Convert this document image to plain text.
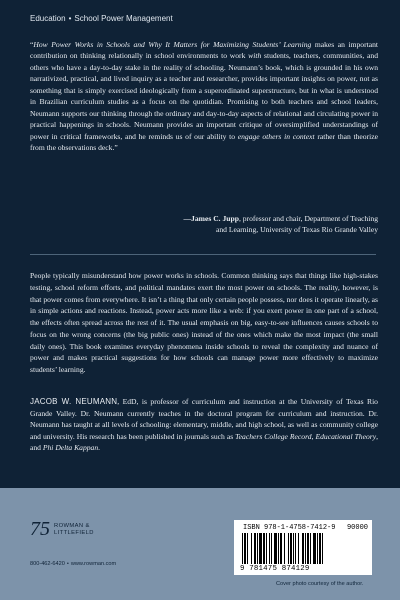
Education • School Power Management

“How Power Works in Schools and Why It Matters for Maximizing Students’ Learning makes an important contribution on thinking relationally in school environments to work with students, teachers, communities, and others who have a day-to-day stake in the reality of schooling. Neumann’s book, which is grounded in his own narrativized, practical, and lived inquiry as a teacher and researcher, provides important insights on power, not as something that is simply exercised ideologically from a superordinated superstructure, but in what is understood in Brazilian curriculum studies as a focus on the quotidian. Promising to both teachers and school leaders, Neumann supports our thinking through the ordinary and day-to-day aspects of relational and circulating power in practical happenings in schools. Neumann provides an important critique of oversimplified understandings of power in critical frameworks, and he reminds us of our ability to engage others in context rather than theorize from the observations deck.”

—James C. Jupp, professor and chair, Department of Teaching
and Learning, University of Texas Rio Grande Valley

People typically misunderstand how power works in schools. Common thinking says that things like high-stakes testing, school reform efforts, and political mandates exert the most power on schools. The reality, however, is that power comes from everywhere. It isn’t a thing that only certain people possess, nor does it operate linearly, as in simple actions and reactions. Instead, power acts more like a web: if you exert power in one part of a school, the effects often spread across the rest of it. The usual emphasis on big, easy-to-see influences causes schools to focus on the wrong concerns (the big public ones) instead of the ones which make the most impact (the small daily ones). This book examines everyday phenomena inside schools to reveal the complexity and nuance of power and makes practical suggestions for how schools can manage power more effectively to maximize students’ learning.

JACOB W. NEUMANN, EdD, is professor of curriculum and instruction at the University of Texas Rio Grande Valley. Dr. Neumann currently teaches in the doctoral program for curriculum and instruction. Dr. Neumann has taught at all levels of schooling: elementary, middle, and high school, as well as community college and university. His research has been published in journals such as Teachers College Record, Educational Theory, and Phi Delta Kappan.

75 ROWMAN &
LITTLEFIELD
800-462-6420 • www.rowman.com
ISBN 978-1-4758-7412-9 90000
9 781475 874129
Cover photo courtesy of the author.
